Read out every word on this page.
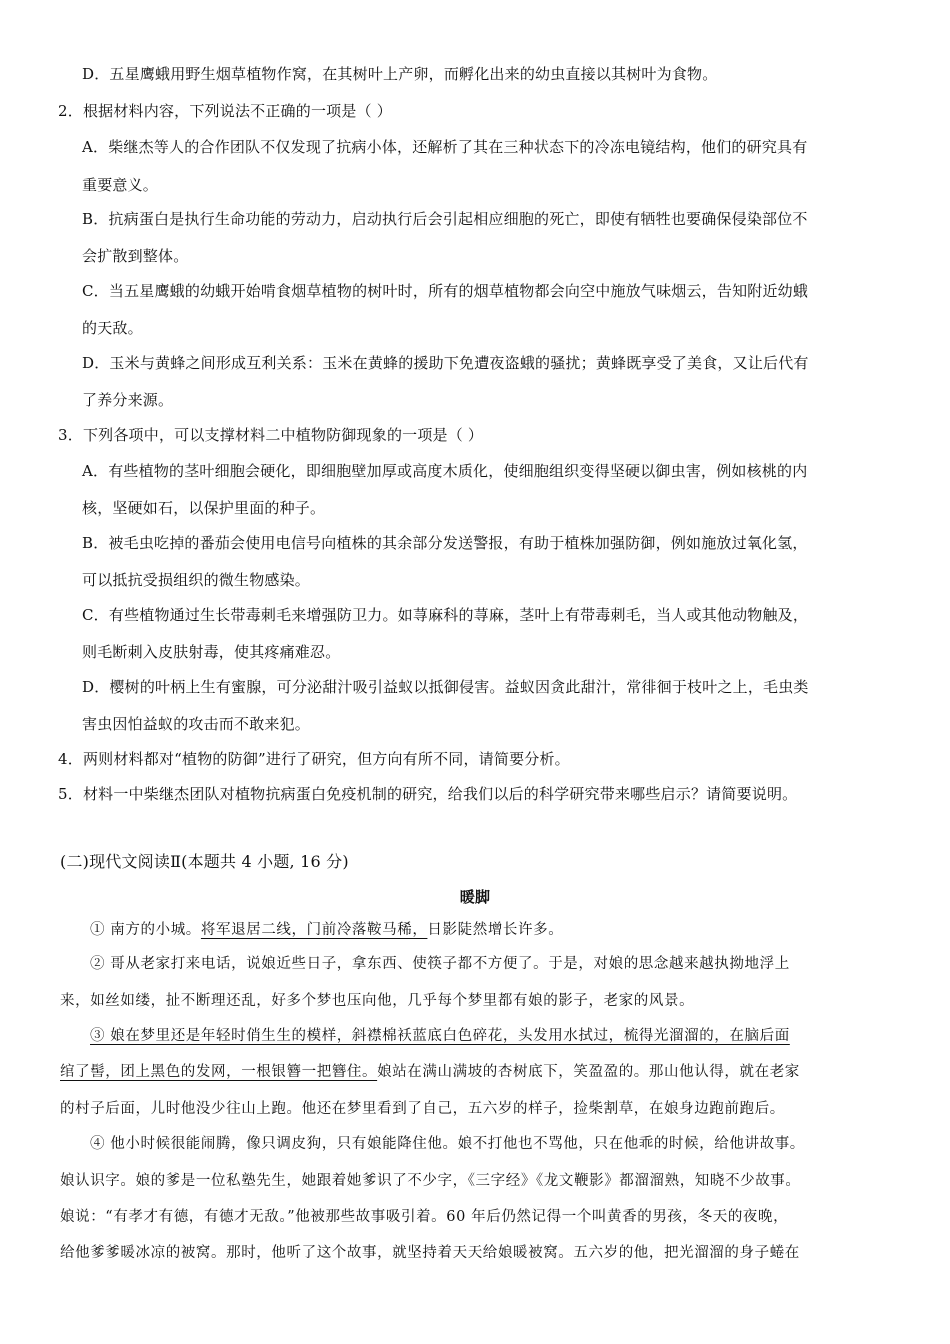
D．五星鹰蛾用野生烟草植物作窝，在其树叶上产卵，而孵化出来的幼虫直接以其树叶为食物。
2．根据材料内容，下列说法不正确的一项是（ ）
A．柴继杰等人的合作团队不仅发现了抗病小体，还解析了其在三种状态下的冷冻电镜结构，他们的研究具有
重要意义。
B．抗病蛋白是执行生命功能的劳动力，启动执行后会引起相应细胞的死亡，即使有牺牲也要确保侵染部位不
会扩散到整体。
C．当五星鹰蛾的幼蛾开始啃食烟草植物的树叶时，所有的烟草植物都会向空中施放气味烟云，告知附近幼蛾
的天敌。
D．玉米与黄蜂之间形成互利关系：玉米在黄蜂的援助下免遭夜盗蛾的骚扰；黄蜂既享受了美食，又让后代有
了养分来源。
3．下列各项中，可以支撑材料二中植物防御现象的一项是（ ）
A．有些植物的茎叶细胞会硬化，即细胞壁加厚或高度木质化，使细胞组织变得坚硬以御虫害，例如核桃的内
核，坚硬如石，以保护里面的种子。
B．被毛虫吃掉的番茄会使用电信号向植株的其余部分发送警报，有助于植株加强防御，例如施放过氧化氢，
可以抵抗受损组织的微生物感染。
C．有些植物通过生长带毒刺毛来增强防卫力。如荨麻科的荨麻，茎叶上有带毒刺毛，当人或其他动物触及，
则毛断刺入皮肤射毒，使其疼痛难忍。
D．樱树的叶柄上生有蜜腺，可分泌甜汁吸引益蚁以抵御侵害。益蚁因贪此甜汁，常徘徊于枝叶之上，毛虫类
害虫因怕益蚁的攻击而不敢来犯。
4．两则材料都对“植物的防御”进行了研究，但方向有所不同，请简要分析。
5．材料一中柴继杰团队对植物抗病蛋白免疫机制的研究，给我们以后的科学研究带来哪些启示？请简要说明。
(二)现代文阅读Ⅱ(本题共 4 小题, 16 分)
暖脚
① 南方的小城。将军退居二线，门前冷落鞍马稀，日影陡然增长许多。
② 哥从老家打来电话，说娘近些日子，拿东西、使筷子都不方便了。于是，对娘的思念越来越执拗地浮上
来，如丝如缕，扯不断理还乱，好多个梦也压向他，几乎每个梦里都有娘的影子，老家的风景。
③ 娘在梦里还是年轻时俏生生的模样，斜襟棉袄蓝底白色碎花，头发用水拭过，梳得光溜溜的，在脑后面
绾了髻，团上黑色的发网，一根银簪一把簪住。娘站在满山满坡的杏树底下，笑盈盈的。那山他认得，就在老家
的村子后面，儿时他没少往山上跑。他还在梦里看到了自己，五六岁的样子，捡柴割草，在娘身边跑前跑后。
④ 他小时候很能闹腾，像只调皮狗，只有娘能降住他。娘不打他也不骂他，只在他乖的时候，给他讲故事。
娘认识字。娘的爹是一位私塾先生，她跟着她爹识了不少字，《三字经》《龙文鞭影》都溜溜熟，知晓不少故事。
娘说：“有孝才有德，有德才无敌。”他被那些故事吸引着。60 年后仍然记得一个叫黄香的男孩，冬天的夜晚，
给他爹爹暖冰凉的被窝。那时，他听了这个故事，就坚持着天天给娘暖被窝。五六岁的他，把光溜溜的身子蜷在
